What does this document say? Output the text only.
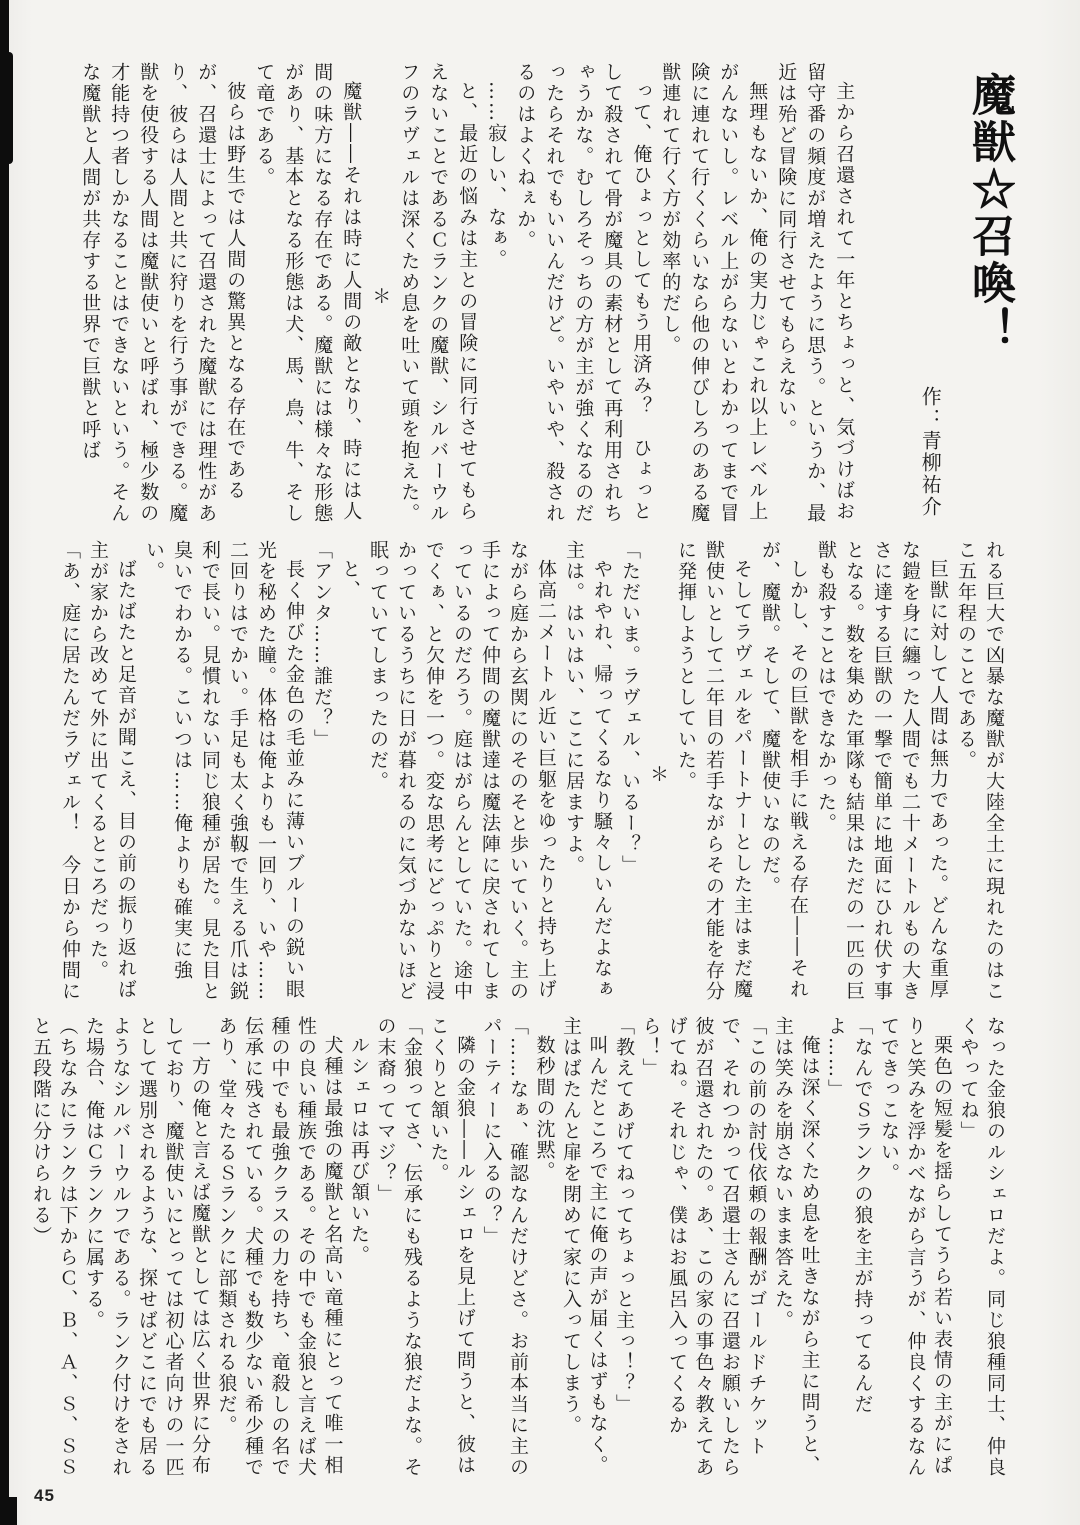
魔獣☆召喚！
作：青柳祐介

主から召還されて一年とちょっと、気づけばお留守番の頻度が増えたように思う。というか、最近は殆ど冒険に同行させてもらえない。

無理もないか、俺の実力じゃこれ以上レベル上がんないし。レベル上がらないとわかってまで冒険に連れて行くくらいなら他の伸びしろのある魔獣連れて行く方が効率的だし。

って、俺ひょっとしてもう用済み？　ひょっとして殺されて骨が魔具の素材として再利用されちゃうかな。むしろそっちの方が主が強くなるのだったらそれでもいいんだけど。いやいや、殺されるのはよくねぇか。

……寂しい、なぁ。

と、最近の悩みは主との冒険に同行させてもらえないことであるＣランクの魔獣、シルバーウルフのラヴェルは深くため息を吐いて頭を抱えた。

＊

魔獣――それは時に人間の敵となり、時には人間の味方になる存在である。魔獣には様々な形態があり、基本となる形態は犬、馬、鳥、牛、そして竜である。

彼らは野生では人間の驚異となる存在であるが、召還士によって召還された魔獣には理性があり、彼らは人間と共に狩りを行う事ができる。魔獣を使役する人間は魔獣使いと呼ばれ、極少数の才能持つ者しかなることはできないという。そんな魔獣と人間が共存する世界で巨獣と呼ば

れる巨大で凶暴な魔獣が大陸全土に現れたのはここ五年程のことである。

巨獣に対して人間は無力であった。どんな重厚な鎧を身に纏った人間でも二十メートルもの大きさに達する巨獣の一撃で簡単に地面にひれ伏す事となる。数を集めた軍隊も結果はただの一匹の巨獣も殺すことはできなかった。

しかし、その巨獣を相手に戦える存在――それが、魔獣。そして、魔獣使いなのだ。

そしてラヴェルをパートナーとした主はまだ魔獣使いとして二年目の若手ながらその才能を存分に発揮しようとしていた。

＊

「ただいま。ラヴェル、いるー？」

やれやれ、帰ってくるなり騒々しいんだよなぁ主は。はいはい、ここに居ますよ。

体高二メートル近い巨躯をゆったりと持ち上げながら庭から玄関にのそのそと歩いていく。主の手によって仲間の魔獣達は魔法陣に戻されてしまっているのだろう。庭はがらんとしていた。途中でくぁ、と欠伸を一つ。変な思考にどっぷりと浸かっているうちに日が暮れるのに気づかないほど眠っていてしまったのだ。

と、

「アンタ……誰だ？」

長く伸びた金色の毛並みに薄いブルーの鋭い眼光を秘めた瞳。体格は俺よりも一回り、いや……二回りはでかい。手足も太く強靱で生える爪は鋭利で長い。見慣れない同じ狼種が居た。見た目と臭いでわかる。こいつは……俺よりも確実に強い。

ばたばたと足音が聞こえ、目の前の振り返れば主が家から改めて外に出てくるところだった。

「あ、庭に居たんだラヴェル！　今日から仲間に

なった金狼のルシェロだよ。同じ狼種同士、仲良くやってね」

栗色の短髪を揺らしてうら若い表情の主がにぱりと笑みを浮かべながら言うが、仲良くするなんてできっこない。

「なんでＳランクの狼を主が持ってるんだよ……」

俺は深く深くため息を吐きながら主に問うと、主は笑みを崩さないまま答えた。

「この前の討伐依頼の報酬がゴールドチケットで、それつかって召還士さんに召還お願いしたら彼が召還されたの。あ、この家の事色々教えてあげてね。それじゃ、僕はお風呂入ってくるから！」

「教えてあげてねってちょっと主っ！？」

叫んだところで主に俺の声が届くはずもなく。主はばたんと扉を閉めて家に入ってしまう。

数秒間の沈黙。

「……なぁ、確認なんだけどさ。お前本当に主のパーティーに入るの？」

隣の金狼――ルシェロを見上げて問うと、彼はこくりと頷いた。

「金狼ってさ、伝承にも残るような狼だよな。その末裔ってマジ？」

ルシェロは再び頷いた。

犬種は最強の魔獣と名高い竜種にとって唯一相性の良い種族である。その中でも金狼と言えば犬種の中でも最強クラスの力を持ち、竜殺しの名で伝承に残されている。犬種でも数少ない希少種であり、堂々たるＳランクに部類される狼だ。

一方の俺と言えば魔獣としては広く世界に分布しており、魔獣使いにとっては初心者向けの一匹として選別されるような、探せばどこにでも居るようなシルバーウルフである。ランク付けをされた場合、俺はＣランクに属する。

（ちなみにランクは下からＣ、Ｂ、Ａ、Ｓ、ＳＳと五段階に分けられる）

45
